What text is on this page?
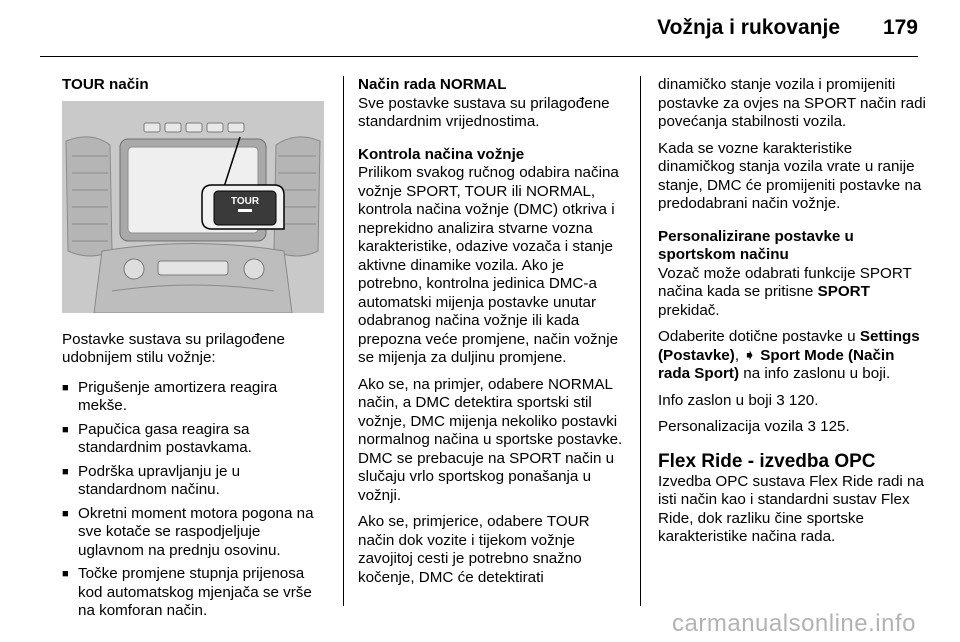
Vožnja i rukovanje 179
TOUR način
TOUR

Postavke sustava su prilagođene udobnijem stilu vožnje:

■ Prigušenje amortizera reagira mekše.
■ Papučica gasa reagira sa standardnim postavkama.
■ Podrška upravljanju je u standardnom načinu.
■ Okretni moment motora pogona na sve kotače se raspodjeljuje uglavnom na prednju osovinu.
■ Točke promjene stupnja prijenosa kod automatskog mjenjača se vrše na komforan način.
Način rada NORMAL

Sve postavke sustava su prilagođene standardnim vrijednostima.

Kontrola načina vožnje

Prilikom svakog ručnog odabira načina vožnje SPORT, TOUR ili NORMAL, kontrola načina vožnje (DMC) otkriva i neprekidno analizira stvarne vozna karakteristike, odazive vozača i stanje aktivne dinamike vozila. Ako je potrebno, kontrolna jedinica DMC-a automatski mijenja postavke unutar odabranog načina vožnje ili kada prepozna veće promjene, način vožnje se mijenja za duljinu promjene.

Ako se, na primjer, odabere NORMAL način, a DMC detektira sportski stil vožnje, DMC mijenja nekoliko postavki normalnog načina u sportske postavke. DMC se prebacuje na SPORT način u slučaju vrlo sportskog ponašanja u vožnji.

Ako se, primjerice, odabere TOUR način dok vozite i tijekom vožnje zavojitoj cesti je potrebno snažno kočenje, DMC će detektirati

dinamičko stanje vozila i promijeniti postavke za ovjes na SPORT način radi povećanja stabilnosti vozila.

Kada se vozne karakteristike dinamičkog stanja vozila vrate u ranije stanje, DMC će promijeniti postavke na predodabrani način vožnje.

Personalizirane postavke u sportskom načinu

Vozač može odabrati funkcije SPORT načina kada se pritisne SPORT prekidač.

Odaberite dotične postavke u Settings (Postavke), ➧ Sport Mode (Način rada Sport) na info zaslonu u boji.

Info zaslon u boji 3 120.

Personalizacija vozila 3 125.

Flex Ride - izvedba OPC

Izvedba OPC sustava Flex Ride radi na isti način kao i standardni sustav Flex Ride, dok razliku čine sportske karakteristike načina rada.

carmanualsonline.info
